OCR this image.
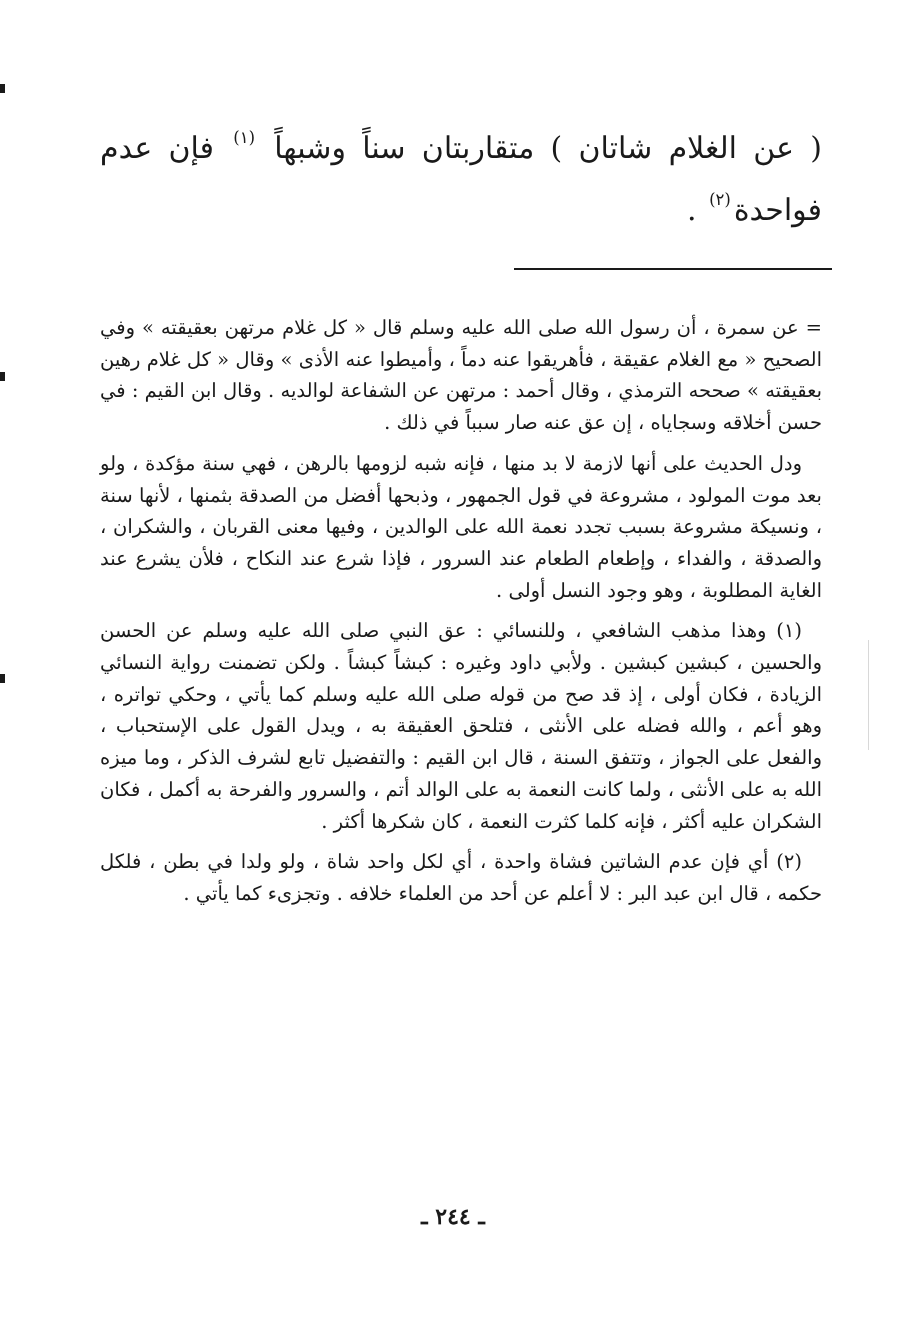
( عن الغلام شاتان ) متقاربتان سناً وشبهاً $^{(١)}$ فإن عدم فواحدة$^{(٢)}$ .

= عن سمرة ، أن رسول الله صلى الله عليه وسلم قال « كل غلام مرتهن بعقيقته » وفي الصحيح « مع الغلام عقيقة ، فأهريقوا عنه دماً ، وأميطوا عنه الأذى » وقال « كل غلام رهين بعقيقته » صححه الترمذي ، وقال أحمد : مرتهن عن الشفاعة لوالديه . وقال ابن القيم : في حسن أخلاقه وسجاياه ، إن عق عنه صار سبباً في ذلك .

ودل الحديث على أنها لازمة لا بد منها ، فإنه شبه لزومها بالرهن ، فهي سنة مؤكدة ، ولو بعد موت المولود ، مشروعة في قول الجمهور ، وذبحها أفضل من الصدقة بثمنها ، لأنها سنة ، ونسيكة مشروعة بسبب تجدد نعمة الله على الوالدين ، وفيها معنى القربان ، والشكران ، والصدقة ، والفداء ، وإطعام الطعام عند السرور ، فإذا شرع عند النكاح ، فلأن يشرع عند الغاية المطلوبة ، وهو وجود النسل أولى .

(١) وهذا مذهب الشافعي ، وللنسائي : عق النبي صلى الله عليه وسلم عن الحسن والحسين ، كبشين كبشين . ولأبي داود وغيره : كبشاً كبشاً . ولكن تضمنت رواية النسائي الزيادة ، فكان أولى ، إذ قد صح من قوله صلى الله عليه وسلم كما يأتي ، وحكي تواتره ، وهو أعم ، والله فضله على الأنثى ، فتلحق العقيقة به ، ويدل القول على الإستحباب ، والفعل على الجواز ، وتتفق السنة ، قال ابن القيم : والتفضيل تابع لشرف الذكر ، وما ميزه الله به على الأنثى ، ولما كانت النعمة به على الوالد أتم ، والسرور والفرحة به أكمل ، فكان الشكران عليه أكثر ، فإنه كلما كثرت النعمة ، كان شكرها أكثر .

(٢) أي فإن عدم الشاتين فشاة واحدة ، أي لكل واحد شاة ، ولو ولدا في بطن ، فلكل حكمه ، قال ابن عبد البر : لا أعلم عن أحد من العلماء خلافه . وتجزىء كما يأتي .

ـ ٢٤٤ ـ
